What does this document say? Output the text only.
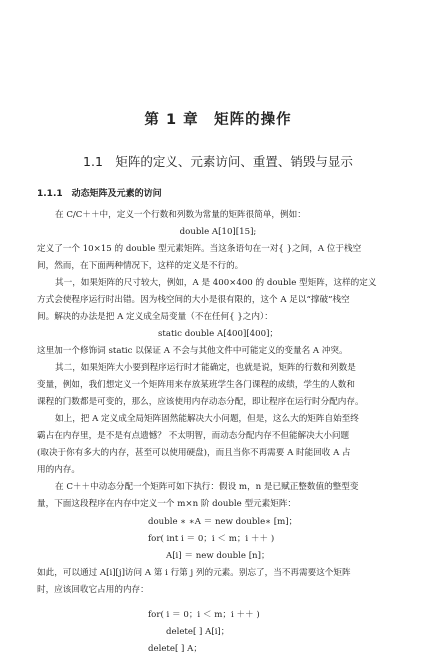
第 1 章　矩阵的操作
1.1　矩阵的定义、元素访问、重置、销毁与显示
1.1.1　动态矩阵及元素的访问
在 C/C＋＋中，定义一个行数和列数为常量的矩阵很简单，例如：
double A[10][15];
定义了一个 10×15 的 double 型元素矩阵。当这条语句在一对{ }之间，A 位于栈空
间，然而，在下面两种情况下，这样的定义是不行的。
其一，如果矩阵的尺寸较大，例如，A 是 400×400 的 double 型矩阵，这样的定义
方式会使程序运行时出错。因为栈空间的大小是很有限的，这个 A 足以“撑破”栈空
间。解决的办法是把 A 定义成全局变量（不在任何{ }之内）：
static double A[400][400]；
这里加一个修饰词 static 以保证 A 不会与其他文件中可能定义的变量名 A 冲突。
其二，如果矩阵大小要到程序运行时才能确定，也就是说，矩阵的行数和列数是
变量，例如，我们想定义一个矩阵用来存放某班学生各门课程的成绩，学生的人数和
课程的门数都是可变的，那么，应该使用内存动态分配，即让程序在运行时分配内存。
如上，把 A 定义成全局矩阵固然能解决大小问题，但是，这么大的矩阵自始至终
霸占在内存里，是不是有点遗憾？ 不太明智，而动态分配内存不但能解决大小问题
(取决于你有多大的内存，甚至可以使用硬盘)，而且当你不再需要 A 时能回收 A 占
用的内存。
在 C＋＋中动态分配一个矩阵可如下执行：假设 m，n 是已赋正整数值的整型变
量，下面这段程序在内存中定义一个 m×n 阶 double 型元素矩阵：
double ∗ ∗A ＝ new double∗ [m]；
for( int i ＝ 0；i ＜ m；i ＋＋ )
A[i] ＝ new double [n]；
如此，可以通过 A[i][j]访问 A 第 i 行第 j 列的元素。别忘了，当不再需要这个矩阵
时，应该回收它占用的内存：
for( i ＝ 0；i ＜ m；i ＋＋ )
delete[ ] A[i]；
delete[ ] A；
